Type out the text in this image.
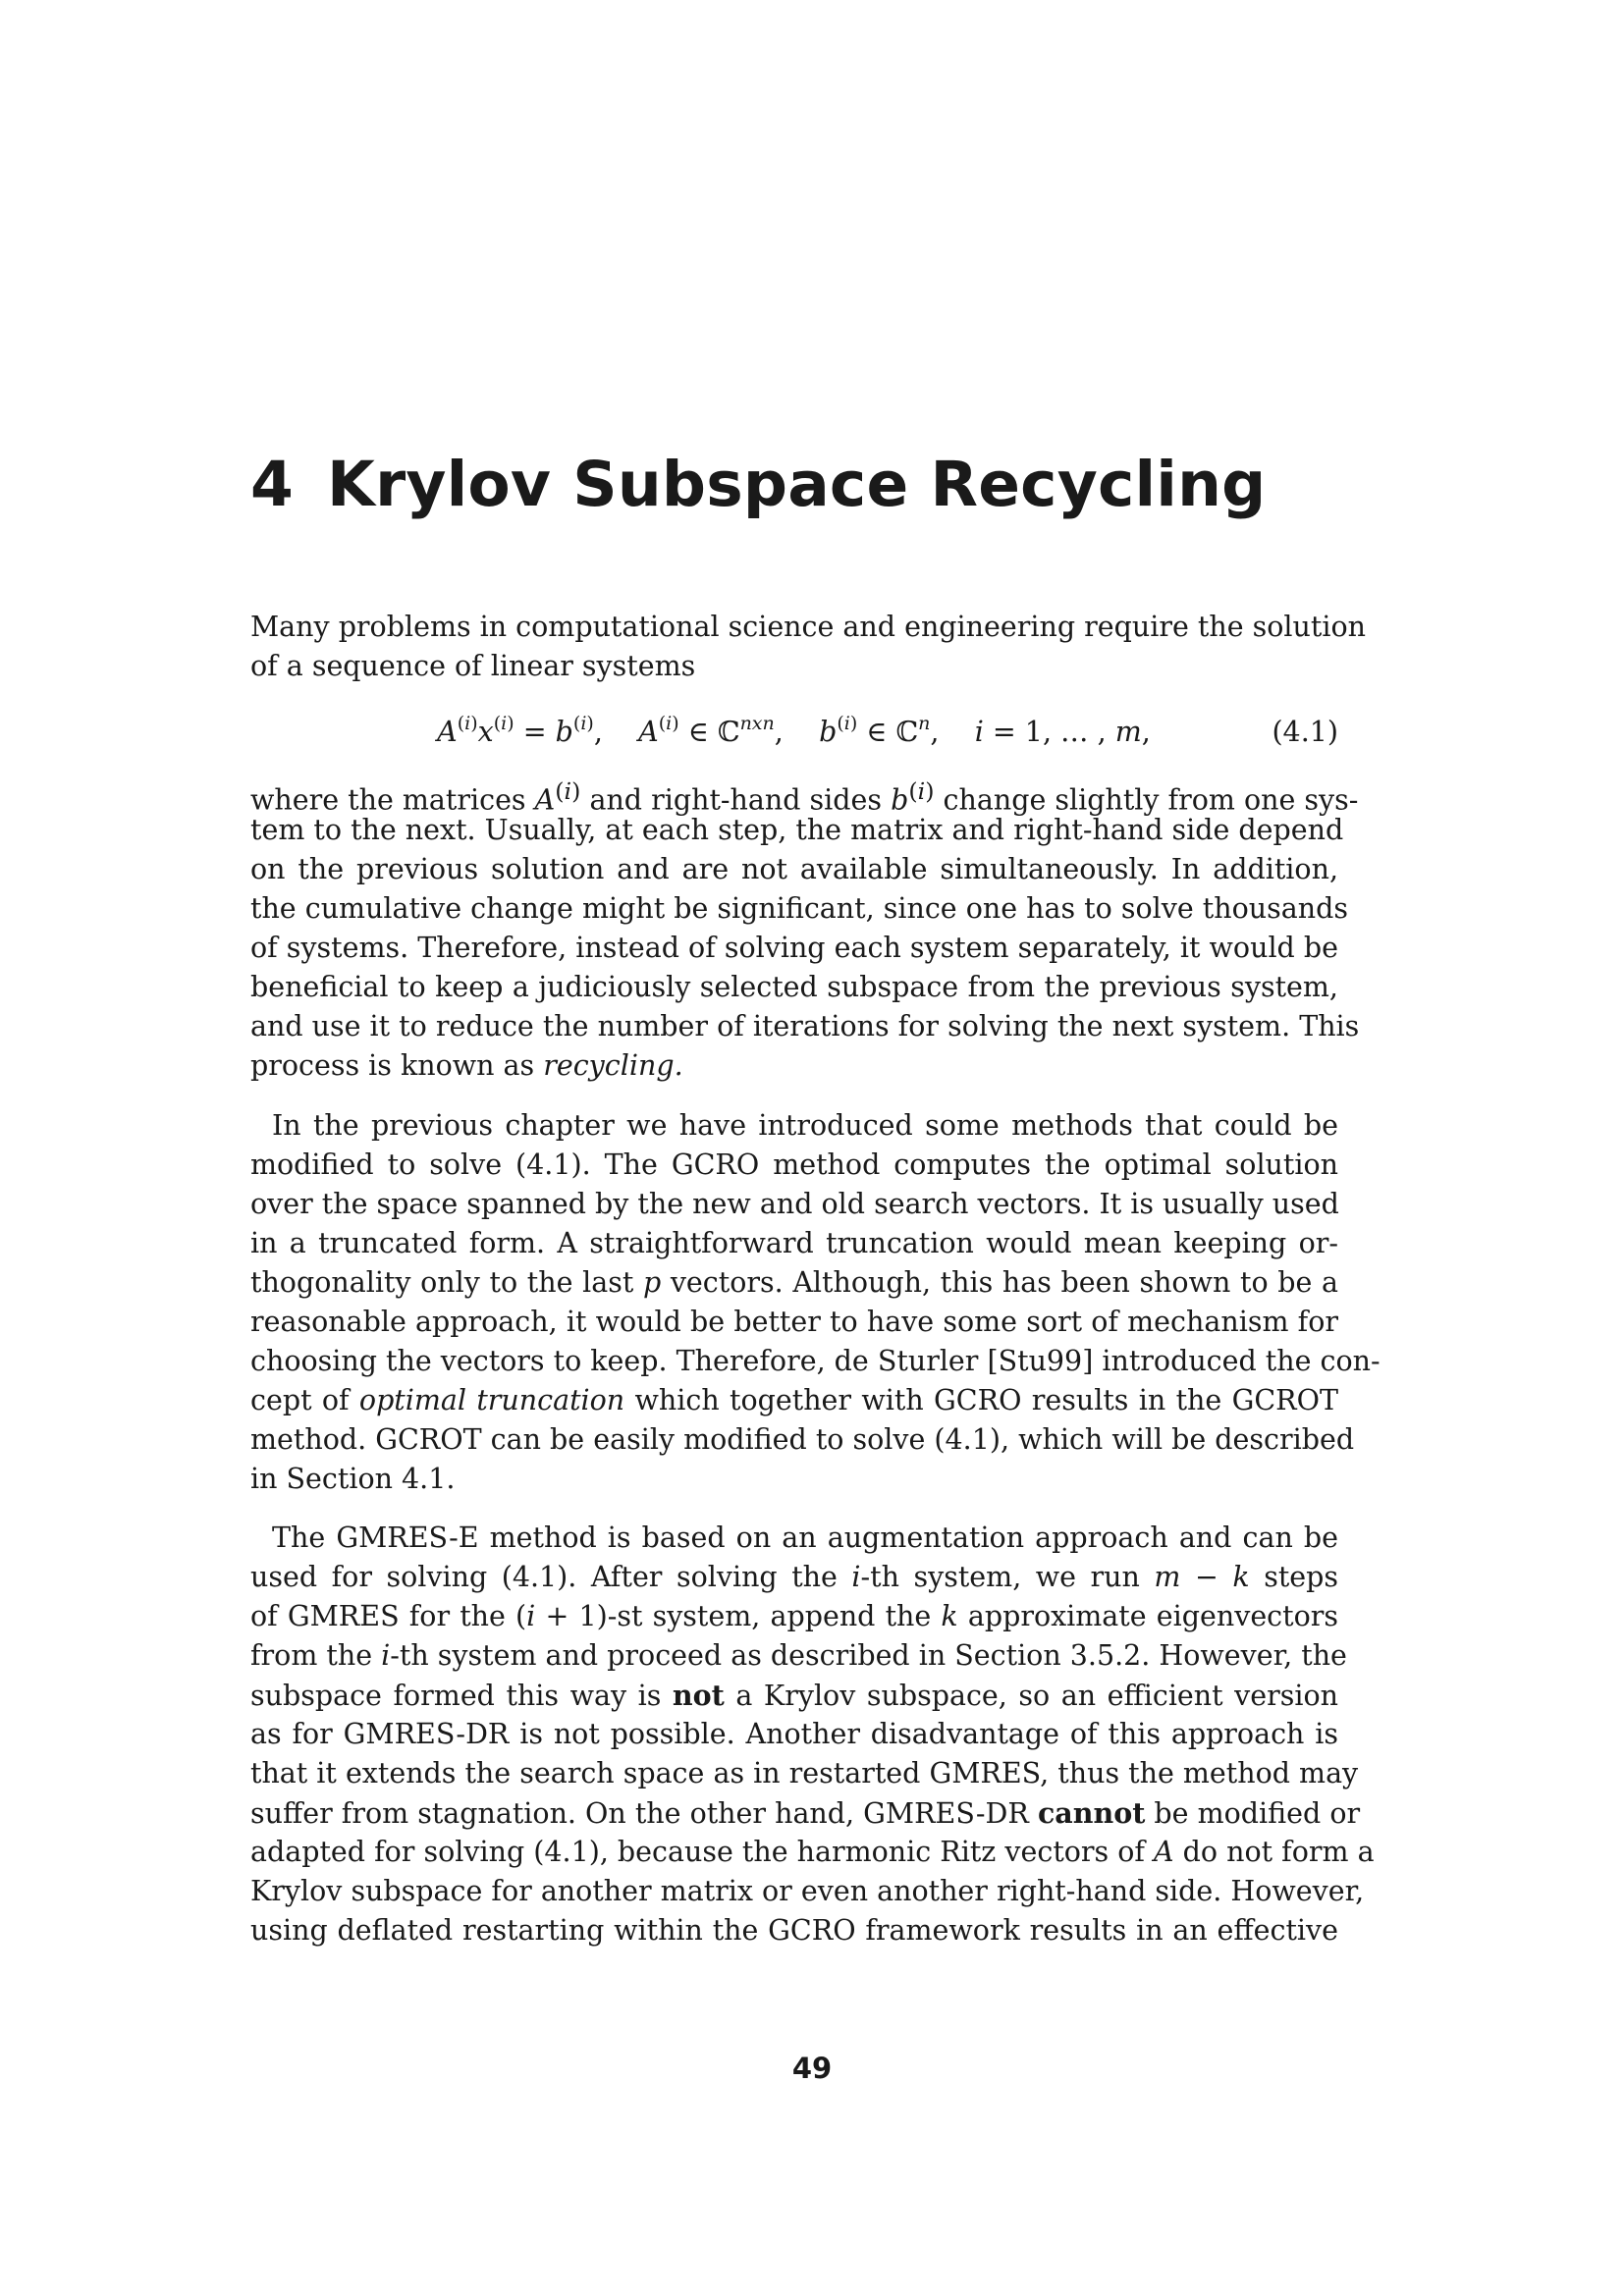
4 Krylov Subspace Recycling
Many problems in computational science and engineering require the solution
of a sequence of linear systems
$A^{(i)}x^{(i)} = b^{(i)}$,    $A^{(i)}$ ∈ ℂ$^{nxn}$,    $b^{(i)}$ ∈ ℂ$^n$,    i = 1, … , m,	(4.1)
where the matrices $A^{(i)}$ and right-hand sides $b^{(i)}$ change slightly from one sys-
tem to the next. Usually, at each step, the matrix and right-hand side depend
on the previous solution and are not available simultaneously. In addition,
the cumulative change might be significant, since one has to solve thousands
of systems. Therefore, instead of solving each system separately, it would be
beneficial to keep a judiciously selected subspace from the previous system,
and use it to reduce the number of iterations for solving the next system. This
process is known as recycling.
In the previous chapter we have introduced some methods that could be
modified to solve (4.1). The GCRO method computes the optimal solution
over the space spanned by the new and old search vectors. It is usually used
in a truncated form. A straightforward truncation would mean keeping or-
thogonality only to the last p vectors. Although, this has been shown to be a
reasonable approach, it would be better to have some sort of mechanism for
choosing the vectors to keep. Therefore, de Sturler [Stu99] introduced the con-
cept of optimal truncation which together with GCRO results in the GCROT
method. GCROT can be easily modified to solve (4.1), which will be described
in Section 4.1.
The GMRES-E method is based on an augmentation approach and can be
used for solving (4.1). After solving the i-th system, we run m − k steps
of GMRES for the (i + 1)-st system, append the k approximate eigenvectors
from the i-th system and proceed as described in Section 3.5.2. However, the
subspace formed this way is not a Krylov subspace, so an efficient version
as for GMRES-DR is not possible. Another disadvantage of this approach is
that it extends the search space as in restarted GMRES, thus the method may
suffer from stagnation. On the other hand, GMRES-DR cannot be modified or
adapted for solving (4.1), because the harmonic Ritz vectors of A do not form a
Krylov subspace for another matrix or even another right-hand side. However,
using deflated restarting within the GCRO framework results in an effective
49
